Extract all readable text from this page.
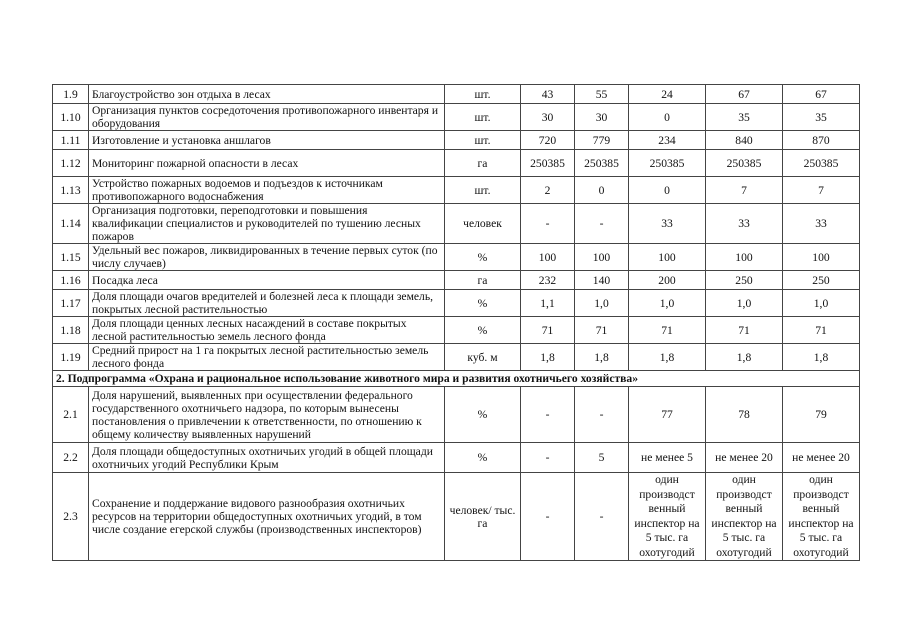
1.9	Благоустройство зон отдыха в лесах	шт.	43	55	24	67	67
1.10	Организация пунктов сосредоточения противопожарного инвентаря и оборудования	шт.	30	30	0	35	35
1.11	Изготовление и установка аншлагов	шт.	720	779	234	840	870
1.12	Мониторинг пожарной опасности в лесах	га	250385	250385	250385	250385	250385
1.13	Устройство пожарных водоемов и подъездов к источникам противопожарного водоснабжения	шт.	2	0	0	7	7
1.14	Организация подготовки, переподготовки и повышения квалификации специалистов и руководителей по тушению лесных пожаров	человек	-	-	33	33	33
1.15	Удельный вес пожаров, ликвидированных в течение первых суток (по числу случаев)	%	100	100	100	100	100
1.16	Посадка леса	га	232	140	200	250	250
1.17	Доля площади очагов вредителей и болезней леса к площади земель, покрытых лесной растительностью	%	1,1	1,0	1,0	1,0	1,0
1.18	Доля площади ценных лесных насаждений в составе покрытых лесной растительностью земель лесного фонда	%	71	71	71	71	71
1.19	Средний прирост на 1 га покрытых лесной растительностью земель лесного фонда	куб. м	1,8	1,8	1,8	1,8	1,8
2. Подпрограмма «Охрана и рациональное использование животного мира и развития охотничьего хозяйства»							
2.1	Доля нарушений, выявленных при осуществлении федерального государственного охотничьего надзора, по которым вынесены постановления о привлечении к ответственности, по отношению к общему количеству выявленных нарушений	%	-	-	77	78	79
2.2	Доля площади общедоступных охотничьих угодий в общей площади охотничьих угодий Республики Крым	%	-	5	не менее 5	не менее 20	не менее 20
2.3	Сохранение и поддержание видового разнообразия охотничьих ресурсов на территории общедоступных охотничьих угодий, в том числе создание егерской службы (производственных инспекторов)	человек/ тыс. га	-	-	один производст венный инспектор на 5 тыс. га охотугодий	один производст венный инспектор на 5 тыс. га охотугодий	один производст венный инспектор на 5 тыс. га охотугодий
